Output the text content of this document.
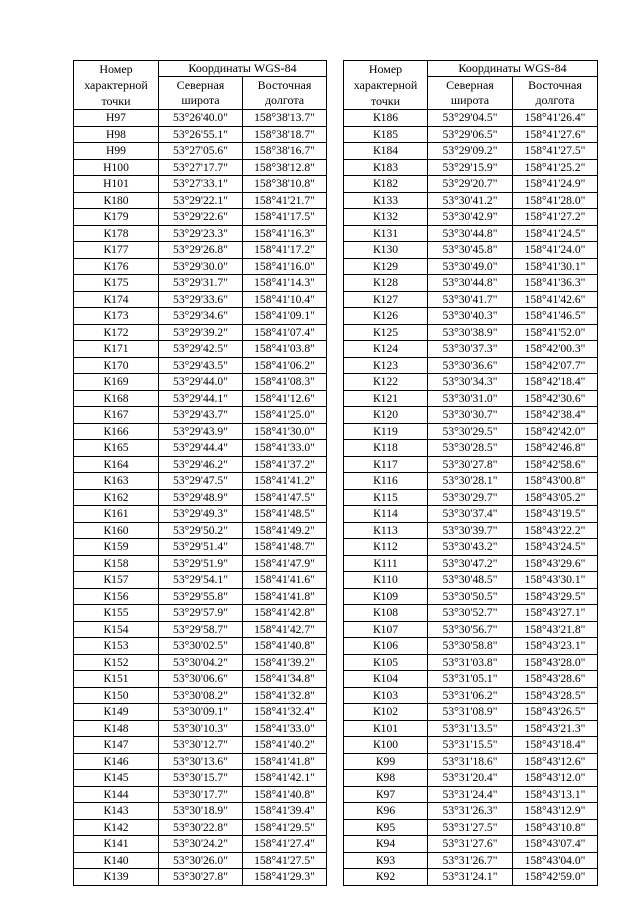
Номер характерной точки	Координаты WGS-84	
	Северная широта	Восточная долгота
Н97	53°26'40.0"	158°38'13.7"
Н98	53°26'55.1"	158°38'18.7"
Н99	53°27'05.6"	158°38'16.7"
Н100	53°27'17.7"	158°38'12.8"
Н101	53°27'33.1"	158°38'10.8"
К180	53°29'22.1"	158°41'21.7"
К179	53°29'22.6"	158°41'17.5"
К178	53°29'23.3"	158°41'16.3"
К177	53°29'26.8"	158°41'17.2"
К176	53°29'30.0"	158°41'16.0"
К175	53°29'31.7"	158°41'14.3"
К174	53°29'33.6"	158°41'10.4"
К173	53°29'34.6"	158°41'09.1"
К172	53°29'39.2"	158°41'07.4"
К171	53°29'42.5"	158°41'03.8"
К170	53°29'43.5"	158°41'06.2"
К169	53°29'44.0"	158°41'08.3"
К168	53°29'44.1"	158°41'12.6"
К167	53°29'43.7"	158°41'25.0"
К166	53°29'43.9"	158°41'30.0"
К165	53°29'44.4"	158°41'33.0"
К164	53°29'46.2"	158°41'37.2"
К163	53°29'47.5"	158°41'41.2"
К162	53°29'48.9"	158°41'47.5"
К161	53°29'49.3"	158°41'48.5"
К160	53°29'50.2"	158°41'49.2"
К159	53°29'51.4"	158°41'48.7"
К158	53°29'51.9"	158°41'47.9"
К157	53°29'54.1"	158°41'41.6"
К156	53°29'55.8"	158°41'41.8"
К155	53°29'57.9"	158°41'42.8"
К154	53°29'58.7"	158°41'42.7"
К153	53°30'02.5"	158°41'40.8"
К152	53°30'04.2"	158°41'39.2"
К151	53°30'06.6"	158°41'34.8"
К150	53°30'08.2"	158°41'32.8"
К149	53°30'09.1"	158°41'32.4"
К148	53°30'10.3"	158°41'33.0"
К147	53°30'12.7"	158°41'40.2"
К146	53°30'13.6"	158°41'41.8"
К145	53°30'15.7"	158°41'42.1"
К144	53°30'17.7"	158°41'40.8"
К143	53°30'18.9"	158°41'39.4"
К142	53°30'22.8"	158°41'29.5"
К141	53°30'24.2"	158°41'27.4"
К140	53°30'26.0"	158°41'27.5"
К139	53°30'27.8"	158°41'29.3"
Номер характерной точки	Координаты WGS-84	
	Северная широта	Восточная долгота
К186	53°29'04.5"	158°41'26.4"
К185	53°29'06.5"	158°41'27.6"
К184	53°29'09.2"	158°41'27.5"
К183	53°29'15.9"	158°41'25.2"
К182	53°29'20.7"	158°41'24.9"
К133	53°30'41.2"	158°41'28.0"
К132	53°30'42.9"	158°41'27.2"
К131	53°30'44.8"	158°41'24.5"
К130	53°30'45.8"	158°41'24.0"
К129	53°30'49.0"	158°41'30.1"
К128	53°30'44.8"	158°41'36.3"
К127	53°30'41.7"	158°41'42.6"
К126	53°30'40.3"	158°41'46.5"
К125	53°30'38.9"	158°41'52.0"
К124	53°30'37.3"	158°42'00.3"
К123	53°30'36.6"	158°42'07.7"
К122	53°30'34.3"	158°42'18.4"
К121	53°30'31.0"	158°42'30.6"
К120	53°30'30.7"	158°42'38.4"
К119	53°30'29.5"	158°42'42.0"
К118	53°30'28.5"	158°42'46.8"
К117	53°30'27.8"	158°42'58.6"
К116	53°30'28.1"	158°43'00.8"
К115	53°30'29.7"	158°43'05.2"
К114	53°30'37.4"	158°43'19.5"
К113	53°30'39.7"	158°43'22.2"
К112	53°30'43.2"	158°43'24.5"
К111	53°30'47.2"	158°43'29.6"
К110	53°30'48.5"	158°43'30.1"
К109	53°30'50.5"	158°43'29.5"
К108	53°30'52.7"	158°43'27.1"
К107	53°30'56.7"	158°43'21.8"
К106	53°30'58.8"	158°43'23.1"
К105	53°31'03.8"	158°43'28.0"
К104	53°31'05.1"	158°43'28.6"
К103	53°31'06.2"	158°43'28.5"
К102	53°31'08.9"	158°43'26.5"
К101	53°31'13.5"	158°43'21.3"
К100	53°31'15.5"	158°43'18.4"
К99	53°31'18.6"	158°43'12.6"
К98	53°31'20.4"	158°43'12.0"
К97	53°31'24.4"	158°43'13.1"
К96	53°31'26.3"	158°43'12.9"
К95	53°31'27.5"	158°43'10.8"
К94	53°31'27.6"	158°43'07.4"
К93	53°31'26.7"	158°43'04.0"
К92	53°31'24.1"	158°42'59.0"
